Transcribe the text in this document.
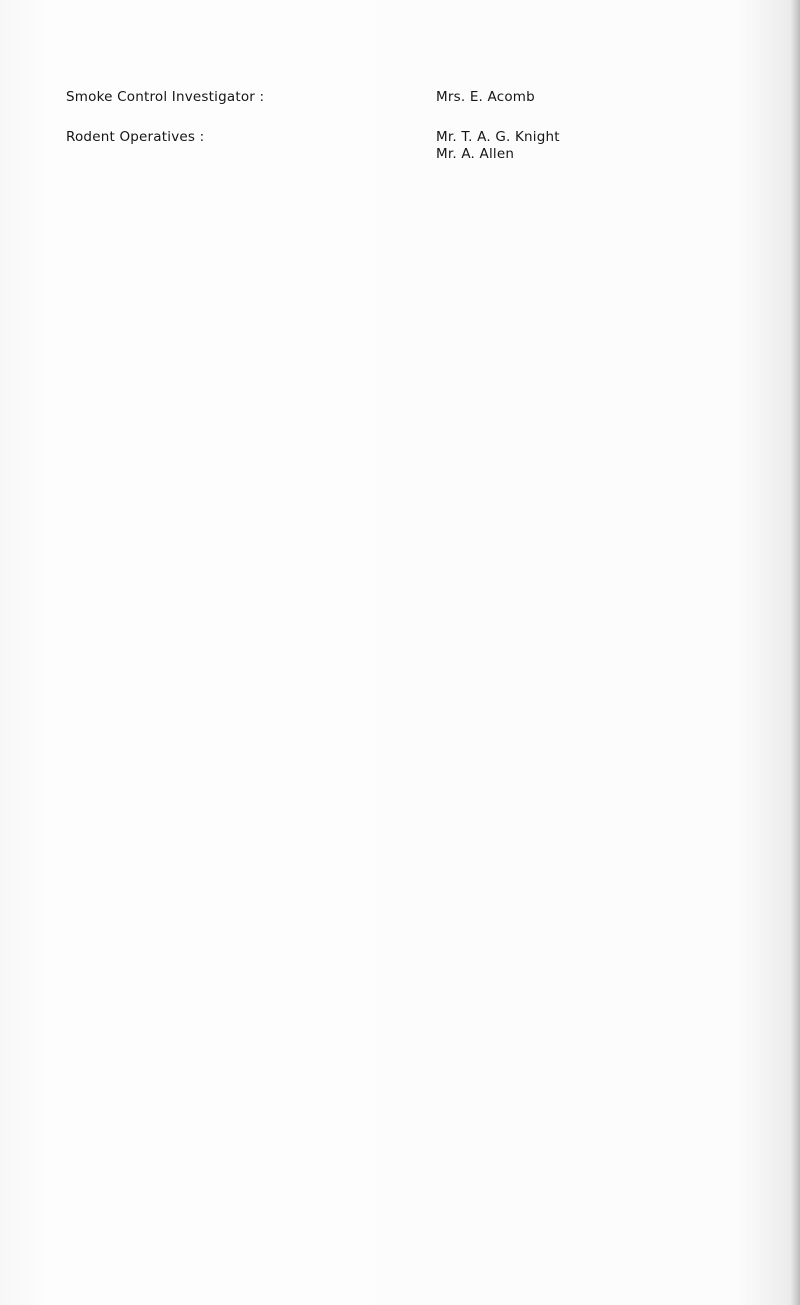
Smoke Control Investigator :	Mrs. E. Acomb
Rodent Operatives :	Mr. T. A. G. Knight
Mr. A. Allen
